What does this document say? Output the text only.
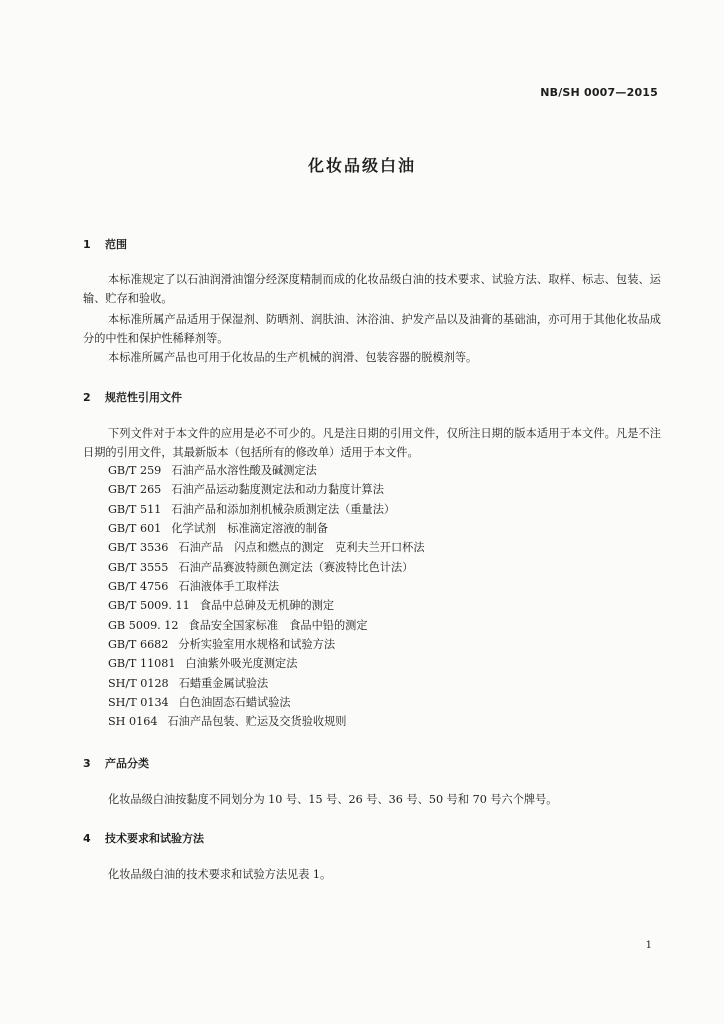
NB/SH 0007—2015
化妆品级白油
1 范围
本标准规定了以石油润滑油馏分经深度精制而成的化妆品级白油的技术要求、试验方法、取样、标志、包装、运输、贮存和验收。
本标准所属产品适用于保湿剂、防晒剂、润肤油、沐浴油、护发产品以及油膏的基础油，亦可用于其他化妆品成分的中性和保护性稀释剂等。
本标准所属产品也可用于化妆品的生产机械的润滑、包装容器的脱模剂等。
2 规范性引用文件
下列文件对于本文件的应用是必不可少的。凡是注日期的引用文件，仅所注日期的版本适用于本文件。凡是不注日期的引用文件，其最新版本（包括所有的修改单）适用于本文件。
GB/T 259 石油产品水溶性酸及碱测定法
GB/T 265 石油产品运动黏度测定法和动力黏度计算法
GB/T 511 石油产品和添加剂机械杂质测定法（重量法）
GB/T 601 化学试剂　标准滴定溶液的制备
GB/T 3536 石油产品　闪点和燃点的测定　克利夫兰开口杯法
GB/T 3555 石油产品赛波特颜色测定法（赛波特比色计法）
GB/T 4756 石油液体手工取样法
GB/T 5009. 11 食品中总砷及无机砷的测定
GB 5009. 12 食品安全国家标准　食品中铅的测定
GB/T 6682 分析实验室用水规格和试验方法
GB/T 11081 白油紫外吸光度测定法
SH/T 0128 石蜡重金属试验法
SH/T 0134 白色油固态石蜡试验法
SH 0164 石油产品包装、贮运及交货验收规则
3 产品分类
化妆品级白油按黏度不同划分为 10 号、15 号、26 号、36 号、50 号和 70 号六个牌号。
4 技术要求和试验方法
化妆品级白油的技术要求和试验方法见表 1。
1
